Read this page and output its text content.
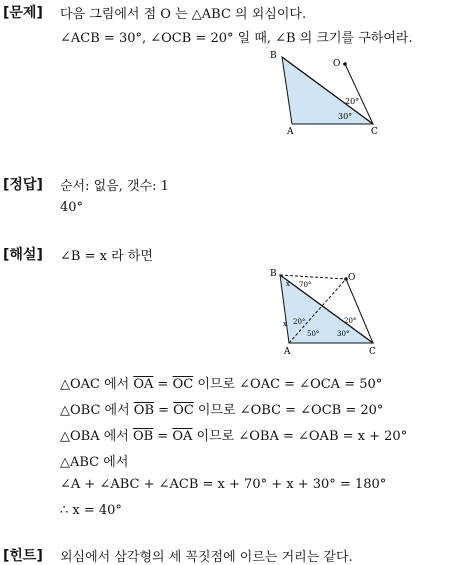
[문제] 다음 그림에서 점 O 는 △ABC 의 외심이다.
∠ACB = 30°, ∠OCB = 20° 일 때, ∠B 의 크기를 구하여라.
B
O
A	C
20°
30°
[정답] 순서: 없음, 갯수: 1
40°
[해설] ∠B = x 라 하면
B	O
A	C
70°
x
x 20°
50°
20°
30°
△OAC 에서 $\overline{OA} = \overline{OC}$ 이므로 ∠OAC = ∠OCA = 50°
△OBC 에서 $\overline{OB} = \overline{OC}$ 이므로 ∠OBC = ∠OCB = 20°
△OBA 에서 $\overline{OB} = \overline{OA}$ 이므로 ∠OBA = ∠OAB = x + 20°
△ABC 에서
∠A + ∠ABC + ∠ACB = x + 70° + x + 30° = 180°
∴ x = 40°
[힌트] 외심에서 삼각형의 세 꼭짓점에 이르는 거리는 같다.
